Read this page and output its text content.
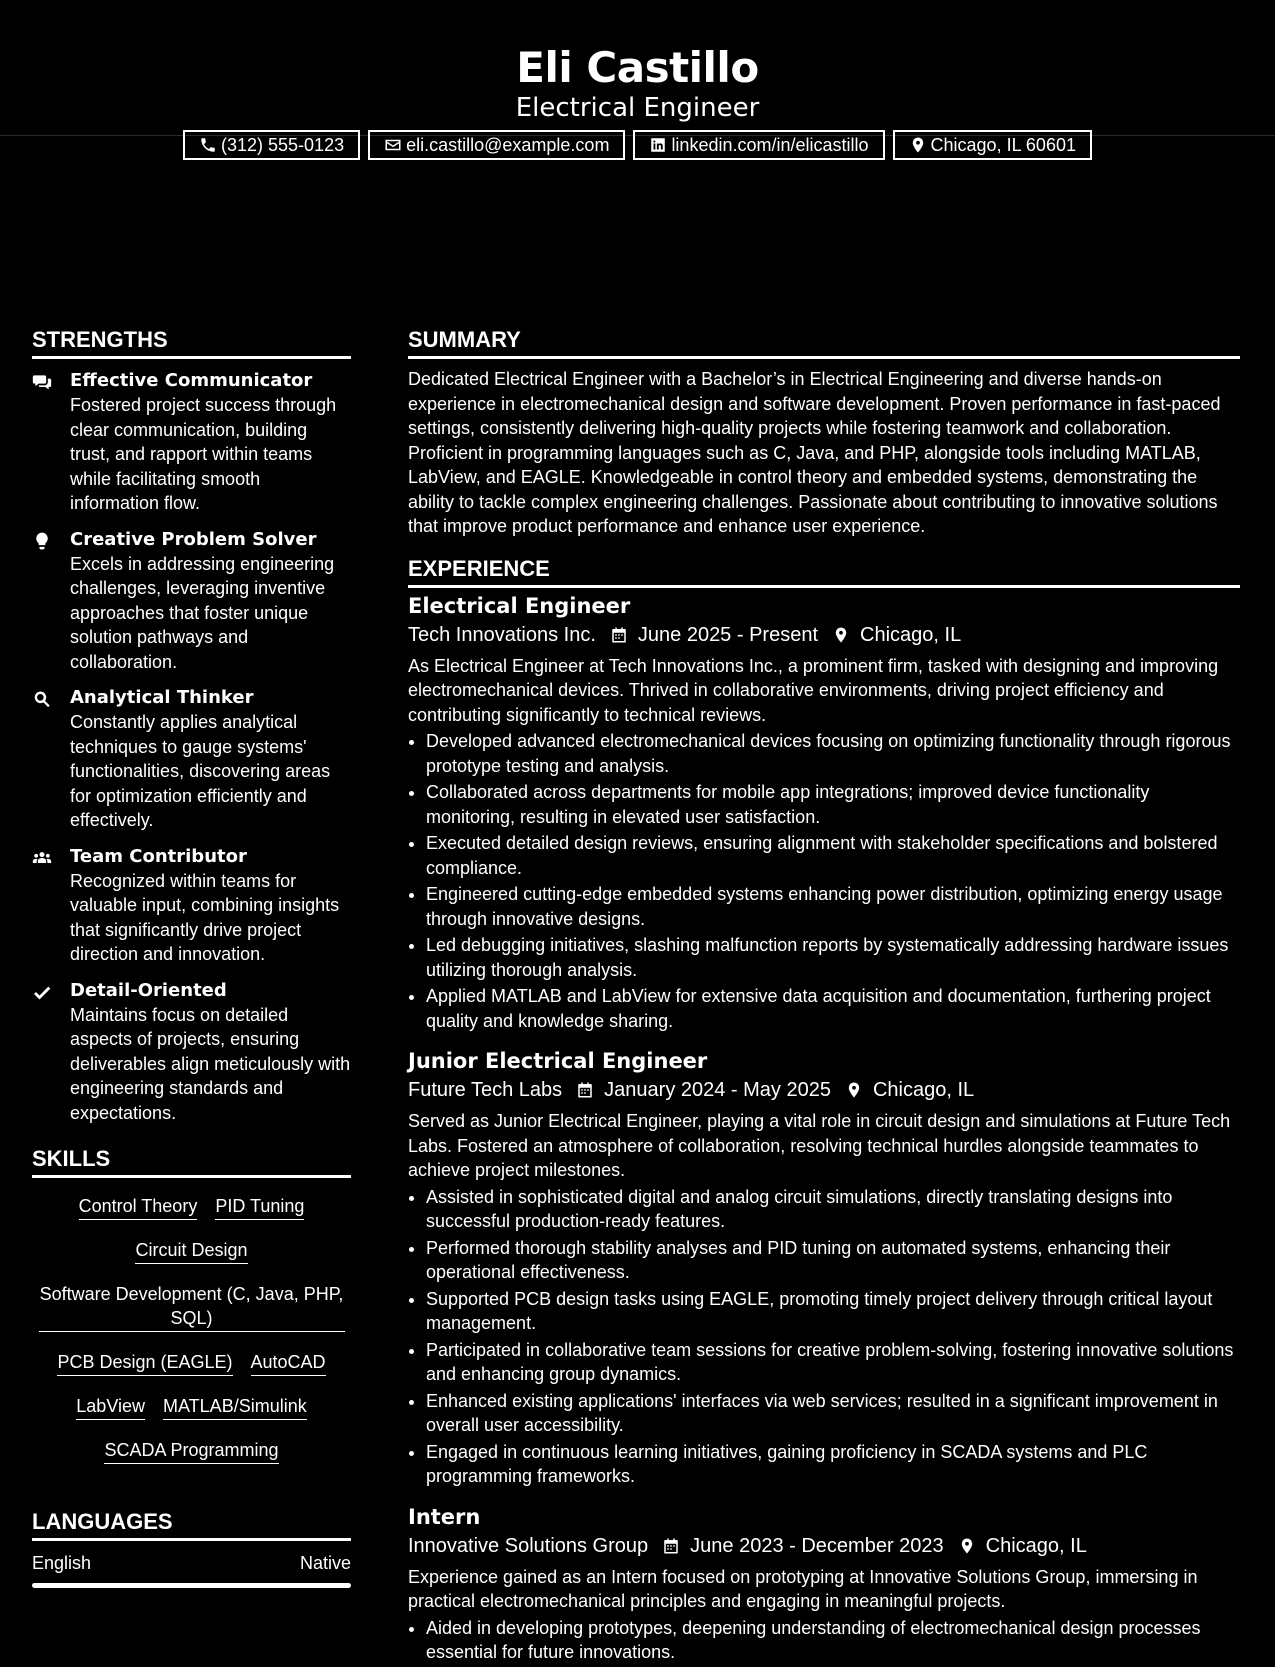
Eli Castillo
Electrical Engineer
(312) 555-0123	eli.castillo@example.com	linkedin.com/in/elicastillo	Chicago, IL 60601
STRENGTHS
Effective Communicator
Fostered project success through clear communication, building trust, and rapport within teams while facilitating smooth information flow.
Creative Problem Solver
Excels in addressing engineering challenges, leveraging inventive approaches that foster unique solution pathways and collaboration.
Analytical Thinker
Constantly applies analytical techniques to gauge systems' functionalities, discovering areas for optimization efficiently and effectively.
Team Contributor
Recognized within teams for valuable input, combining insights that significantly drive project direction and innovation.
Detail-Oriented
Maintains focus on detailed aspects of projects, ensuring deliverables align meticulously with engineering standards and expectations.
SKILLS
Control Theory PID Tuning
Circuit Design
Software Development (C, Java, PHP, SQL)
PCB Design (EAGLE) AutoCAD
LabView MATLAB/Simulink
SCADA Programming
LANGUAGES
English	Native
SUMMARY
Dedicated Electrical Engineer with a Bachelor’s in Electrical Engineering and diverse hands-on experience in electromechanical design and software development. Proven performance in fast-paced settings, consistently delivering high-quality projects while fostering teamwork and collaboration. Proficient in programming languages such as C, Java, and PHP, alongside tools including MATLAB, LabView, and EAGLE. Knowledgeable in control theory and embedded systems, demonstrating the ability to tackle complex engineering challenges. Passionate about contributing to innovative solutions that improve product performance and enhance user experience.
EXPERIENCE
Electrical Engineer
Tech Innovations Inc. June 2025 - Present Chicago, IL
As Electrical Engineer at Tech Innovations Inc., a prominent firm, tasked with designing and improving electromechanical devices. Thrived in collaborative environments, driving project efficiency and contributing significantly to technical reviews.
• Developed advanced electromechanical devices focusing on optimizing functionality through rigorous prototype testing and analysis.
• Collaborated across departments for mobile app integrations; improved device functionality monitoring, resulting in elevated user satisfaction.
• Executed detailed design reviews, ensuring alignment with stakeholder specifications and bolstered compliance.
• Engineered cutting-edge embedded systems enhancing power distribution, optimizing energy usage through innovative designs.
• Led debugging initiatives, slashing malfunction reports by systematically addressing hardware issues utilizing thorough analysis.
• Applied MATLAB and LabView for extensive data acquisition and documentation, furthering project quality and knowledge sharing.
Junior Electrical Engineer
Future Tech Labs January 2024 - May 2025 Chicago, IL
Served as Junior Electrical Engineer, playing a vital role in circuit design and simulations at Future Tech Labs. Fostered an atmosphere of collaboration, resolving technical hurdles alongside teammates to achieve project milestones.
• Assisted in sophisticated digital and analog circuit simulations, directly translating designs into successful production-ready features.
• Performed thorough stability analyses and PID tuning on automated systems, enhancing their operational effectiveness.
• Supported PCB design tasks using EAGLE, promoting timely project delivery through critical layout management.
• Participated in collaborative team sessions for creative problem-solving, fostering innovative solutions and enhancing group dynamics.
• Enhanced existing applications' interfaces via web services; resulted in a significant improvement in overall user accessibility.
• Engaged in continuous learning initiatives, gaining proficiency in SCADA systems and PLC programming frameworks.
Intern
Innovative Solutions Group June 2023 - December 2023 Chicago, IL
Experience gained as an Intern focused on prototyping at Innovative Solutions Group, immersing in practical electromechanical principles and engaging in meaningful projects.
• Aided in developing prototypes, deepening understanding of electromechanical design processes essential for future innovations.
